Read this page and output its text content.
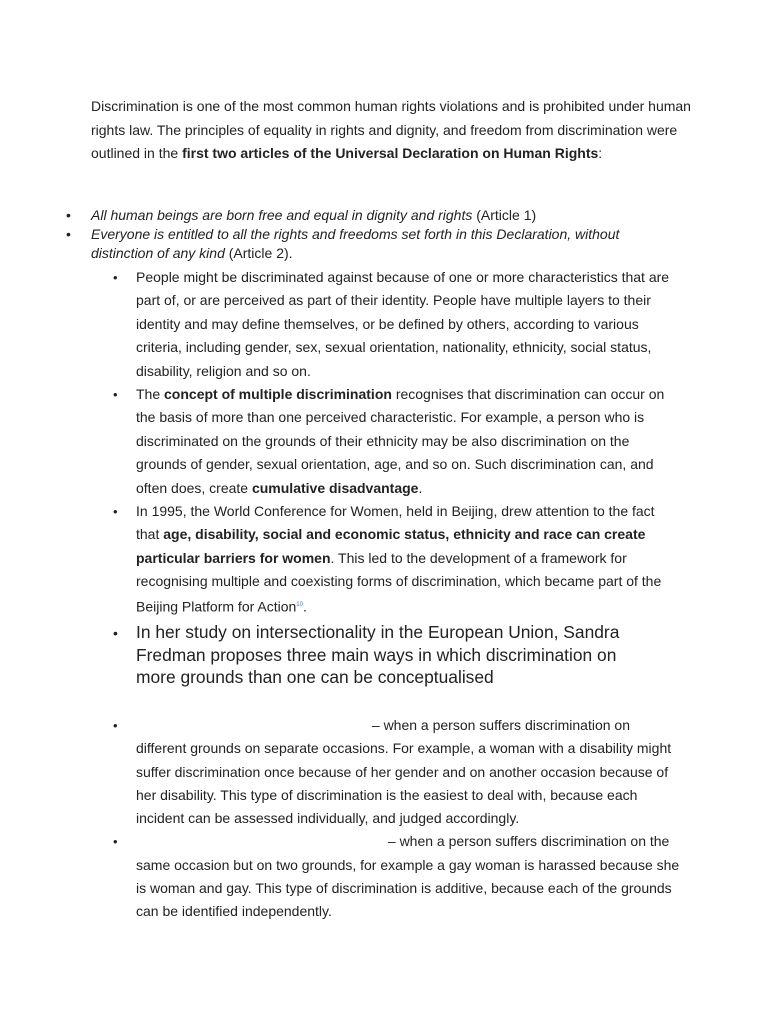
Discrimination is one of the most common human rights violations and is prohibited under human rights law. The principles of equality in rights and dignity, and freedom from discrimination were outlined in the first two articles of the Universal Declaration on Human Rights:

• All human beings are born free and equal in dignity and rights (Article 1)
• Everyone is entitled to all the rights and freedoms set forth in this Declaration, without distinction of any kind (Article 2).
• People might be discriminated against because of one or more characteristics that are part of, or are perceived as part of their identity. People have multiple layers to their identity and may define themselves, or be defined by others, according to various criteria, including gender, sex, sexual orientation, nationality, ethnicity, social status, disability, religion and so on.
• The concept of multiple discrimination recognises that discrimination can occur on the basis of more than one perceived characteristic. For example, a person who is discriminated on the grounds of their ethnicity may be also discrimination on the grounds of gender, sexual orientation, age, and so on. Such discrimination can, and often does, create cumulative disadvantage.
• In 1995, the World Conference for Women, held in Beijing, drew attention to the fact that age, disability, social and economic status, ethnicity and race can create particular barriers for women. This led to the development of a framework for recognising multiple and coexisting forms of discrimination, which became part of the Beijing Platform for Action$^{10}$.
• In her study on intersectionality in the European Union, Sandra Fredman proposes three main ways in which discrimination on more grounds than one can be conceptualised
•	– when a person suffers discrimination on different grounds on separate occasions. For example, a woman with a disability might suffer discrimination once because of her gender and on another occasion because of her disability. This type of discrimination is the easiest to deal with, because each incident can be assessed individually, and judged accordingly.
•	– when a person suffers discrimination on the same occasion but on two grounds, for example a gay woman is harassed because she is woman and gay. This type of discrimination is additive, because each of the grounds can be identified independently.
